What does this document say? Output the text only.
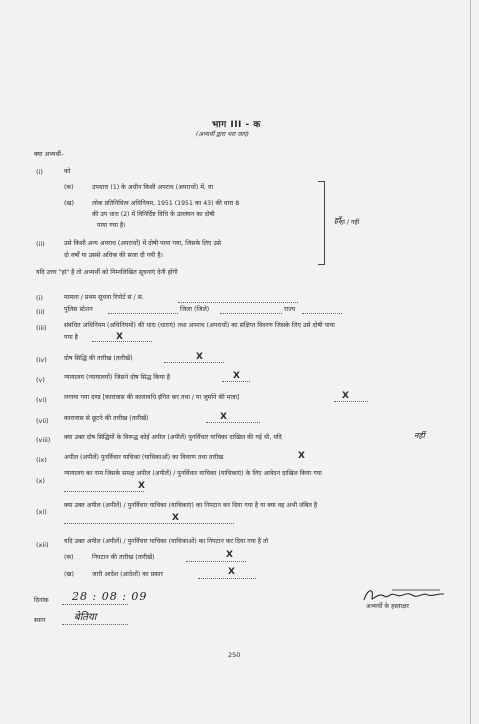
भाग III - क
(अभ्यर्थी द्वारा भरा जाए)
क्या अभ्यर्थी–
(i)	को
(क)	उपधारा (1) के अधीन किसी अपराध (अपराधों) में, या
(ख)	लोक प्रतिनिधित्व अधिनियम, 1951 (1951 का 43) की धारा 8
की उप धारा (2) में विनिर्दिष्ट विधि के उल्लंघन का दोषी
पाया गया है।	हां / नहीं
हाँ
(ii)	उसे किसी अन्य अपराध (अपराधों) में दोषी पाया गया, जिसके लिए उसे
दो वर्षों या उससे अधिक की सजा दी गयी है।
यदि उत्तर "हां" है तो अभ्यर्थी को निम्नलिखित सूचनाएं देनी होंगी
(i)	मामला / प्रथम सूचना रिपोर्ट सं / सं.
(ii)	पुलिस स्टेशन	जिला (जिले)	राज्य
(iii)	संबंधित अधिनियम (अधिनियमों) की धारा (धाराएं) तथा अपराध (अपराधों) का संक्षिप्त विवरण जिसके लिए उसे दोषी पाया
गया है	X
(iv)	दोष सिद्धि की तारीख (तारीखें)	X
(v)	न्यायालय (न्यायालयों) जिसने दोष सिद्ध किया है	X
(vi)	लगाया गया दण्ड [कारावास की कालावधि इंगित कर तथा / या जुर्माने की मात्रा]	X
(vii) कारावास से छूटने की तारीख (तारीखें)	X
(viii) क्या उक्त दोष सिद्धियों के विरूद्ध कोई अपील (अपीलें) पुनर्विचार याचिका दाखिल की गई थी, यदि	नहीं
(ix)	अपील (अपीलें) पुनर्विचार याचिका (याचिकाओं) का विवरण तथा तारीख	X
(x)
न्यायालय का नाम जिसके समक्ष अपील (अपीलें) / पुनर्विचार याचिका (याचिकाएं) के लिए आवेदन दाखिल किया गया
X
(xi)
क्या उक्त अपील (अपीलें) / पुनर्विचार याचिका (याचिकाएं) का निपटान कर दिया गया है या क्या वह अभी लंबित है
X
(xii) यदि उक्त अपील (अपीलें) / पुनर्विचार याचिका (याचिकाओं) का निपटान कर दिया गया है तो
(क)	निपटान की तारीख (तारीखें)	X
(ख)	जारी आदेश (आदेशों) का प्रकार	X
दिनांक 28 : 08 : 09
स्थान	बेतिया
अभ्यर्थी के हस्ताक्षर
250
